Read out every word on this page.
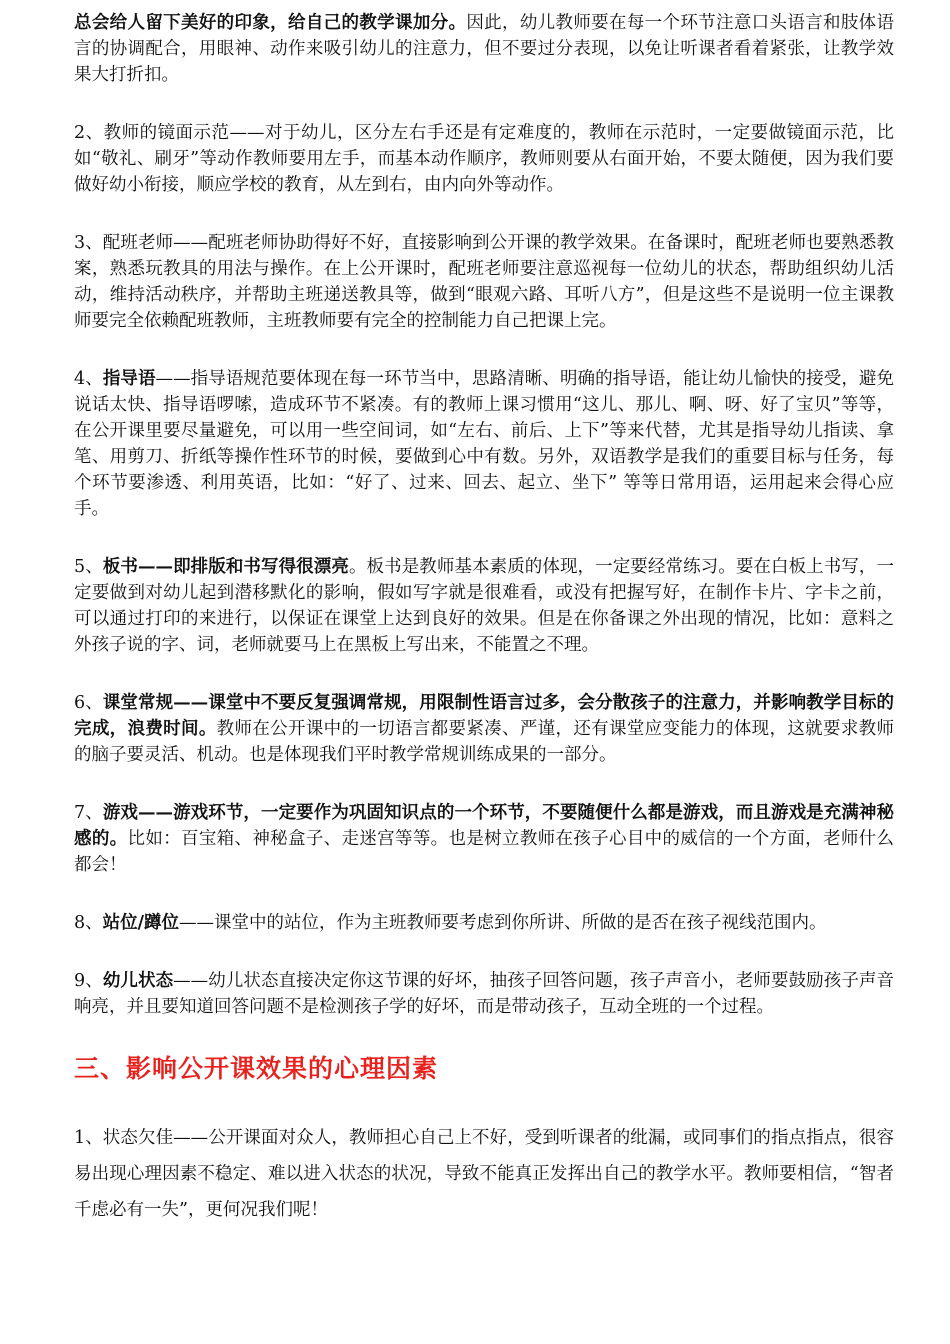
总会给人留下美好的印象，给自己的教学课加分。因此，幼儿教师要在每一个环节注意口头语言和肢体语言的协调配合，用眼神、动作来吸引幼儿的注意力，但不要过分表现，以免让听课者看着紧张，让教学效果大打折扣。

2、教师的镜面示范——对于幼儿，区分左右手还是有定难度的，教师在示范时，一定要做镜面示范，比如“敬礼、刷牙”等动作教师要用左手，而基本动作顺序，教师则要从右面开始，不要太随便，因为我们要做好幼小衔接，顺应学校的教育，从左到右，由内向外等动作。

3、配班老师——配班老师协助得好不好，直接影响到公开课的教学效果。在备课时，配班老师也要熟悉教案，熟悉玩教具的用法与操作。在上公开课时，配班老师要注意巡视每一位幼儿的状态，帮助组织幼儿活动，维持活动秩序，并帮助主班递送教具等，做到“眼观六路、耳听八方”，但是这些不是说明一位主课教师要完全依赖配班教师，主班教师要有完全的控制能力自己把课上完。

4、指导语——指导语规范要体现在每一环节当中，思路清晰、明确的指导语，能让幼儿愉快的接受，避免说话太快、指导语啰嗦，造成环节不紧凑。有的教师上课习惯用“这儿、那儿、啊、呀、好了宝贝”等等，在公开课里要尽量避免，可以用一些空间词，如“左右、前后、上下”等来代替，尤其是指导幼儿指读、拿笔、用剪刀、折纸等操作性环节的时候，要做到心中有数。另外，双语教学是我们的重要目标与任务，每个环节要渗透、利用英语，比如：“好了、过来、回去、起立、坐下” 等等日常用语，运用起来会得心应手。

5、板书——即排版和书写得很漂亮。板书是教师基本素质的体现，一定要经常练习。要在白板上书写，一定要做到对幼儿起到潜移默化的影响，假如写字就是很难看，或没有把握写好，在制作卡片、字卡之前，可以通过打印的来进行，以保证在课堂上达到良好的效果。但是在你备课之外出现的情况，比如：意料之外孩子说的字、词，老师就要马上在黑板上写出来，不能置之不理。

6、课堂常规——课堂中不要反复强调常规，用限制性语言过多，会分散孩子的注意力，并影响教学目标的完成，浪费时间。教师在公开课中的一切语言都要紧凑、严谨，还有课堂应变能力的体现，这就要求教师的脑子要灵活、机动。也是体现我们平时教学常规训练成果的一部分。

7、游戏——游戏环节，一定要作为巩固知识点的一个环节，不要随便什么都是游戏，而且游戏是充满神秘感的。比如：百宝箱、神秘盒子、走迷宫等等。也是树立教师在孩子心目中的威信的一个方面，老师什么都会！

8、站位/蹲位——课堂中的站位，作为主班教师要考虑到你所讲、所做的是否在孩子视线范围内。

9、幼儿状态——幼儿状态直接决定你这节课的好坏，抽孩子回答问题，孩子声音小，老师要鼓励孩子声音响亮，并且要知道回答问题不是检测孩子学的好坏，而是带动孩子，互动全班的一个过程。

三、影响公开课效果的心理因素

1、状态欠佳——公开课面对众人，教师担心自己上不好，受到听课者的纰漏，或同事们的指点指点，很容易出现心理因素不稳定、难以进入状态的状况，导致不能真正发挥出自己的教学水平。教师要相信，“智者千虑必有一失”，更何况我们呢！
